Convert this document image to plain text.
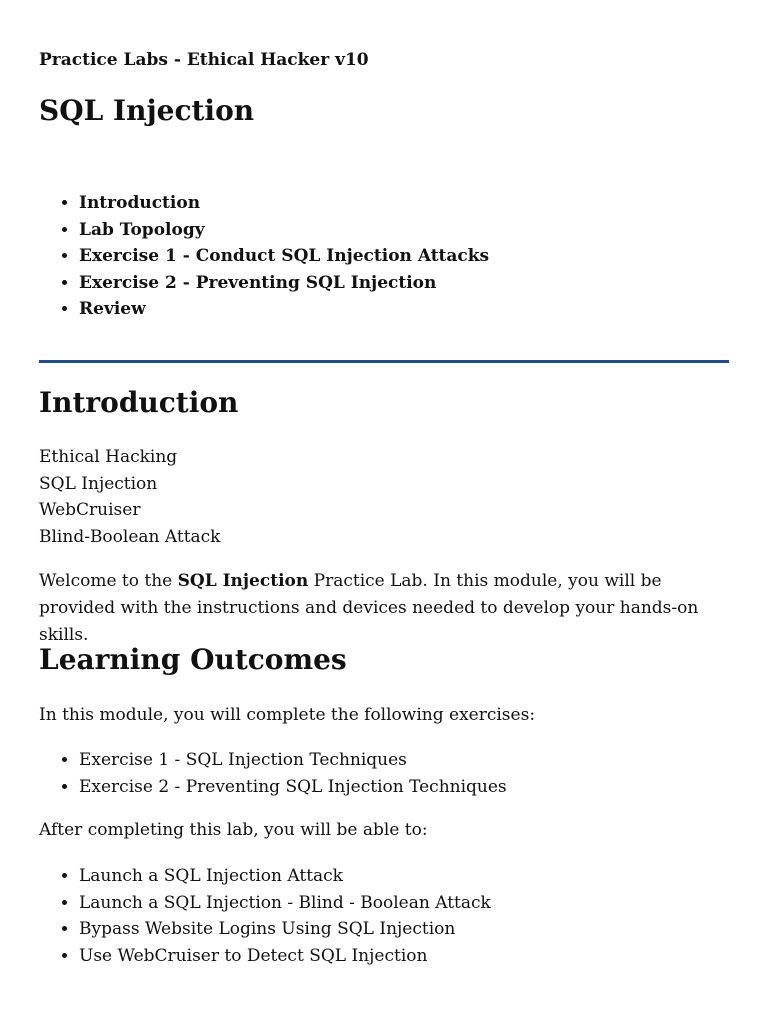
Practice Labs - Ethical Hacker v10

SQL Injection
• Introduction
• Lab Topology
• Exercise 1 - Conduct SQL Injection Attacks
• Exercise 2 - Preventing SQL Injection
• Review
Introduction
Ethical Hacking
SQL Injection
WebCruiser
Blind-Boolean Attack

Welcome to the SQL Injection Practice Lab. In this module, you will be provided with the instructions and devices needed to develop your hands-on skills.

Learning Outcomes

In this module, you will complete the following exercises:

• Exercise 1 - SQL Injection Techniques
• Exercise 2 - Preventing SQL Injection Techniques

After completing this lab, you will be able to:

• Launch a SQL Injection Attack
• Launch a SQL Injection - Blind - Boolean Attack
• Bypass Website Logins Using SQL Injection
• Use WebCruiser to Detect SQL Injection
